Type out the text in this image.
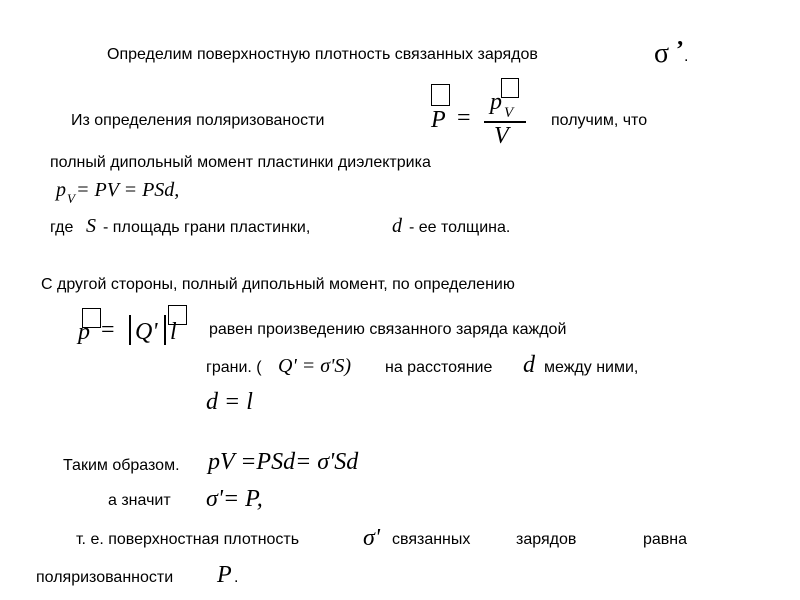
Определим поверхностную плотность связанных зарядов	σ ’ .
Из определения поляризованости	P =
p V
V
получим, что
полный дипольный момент пластинки диэлектрика
p V = PV = PSd,
где S - площадь грани пластинки,	d - ее толщина.
С другой стороны, полный дипольный момент, по определению
p = Q' l равен произведению связанного заряда каждой
грани. ( Q' = σ'S) на расстояние d между ними,
d = l
Таким образом. pV =PSd= σ'Sd
а значит σ'= P,
т. е. поверхностная плотность	σ' связанных	зарядов	равна
поляризованности P .
